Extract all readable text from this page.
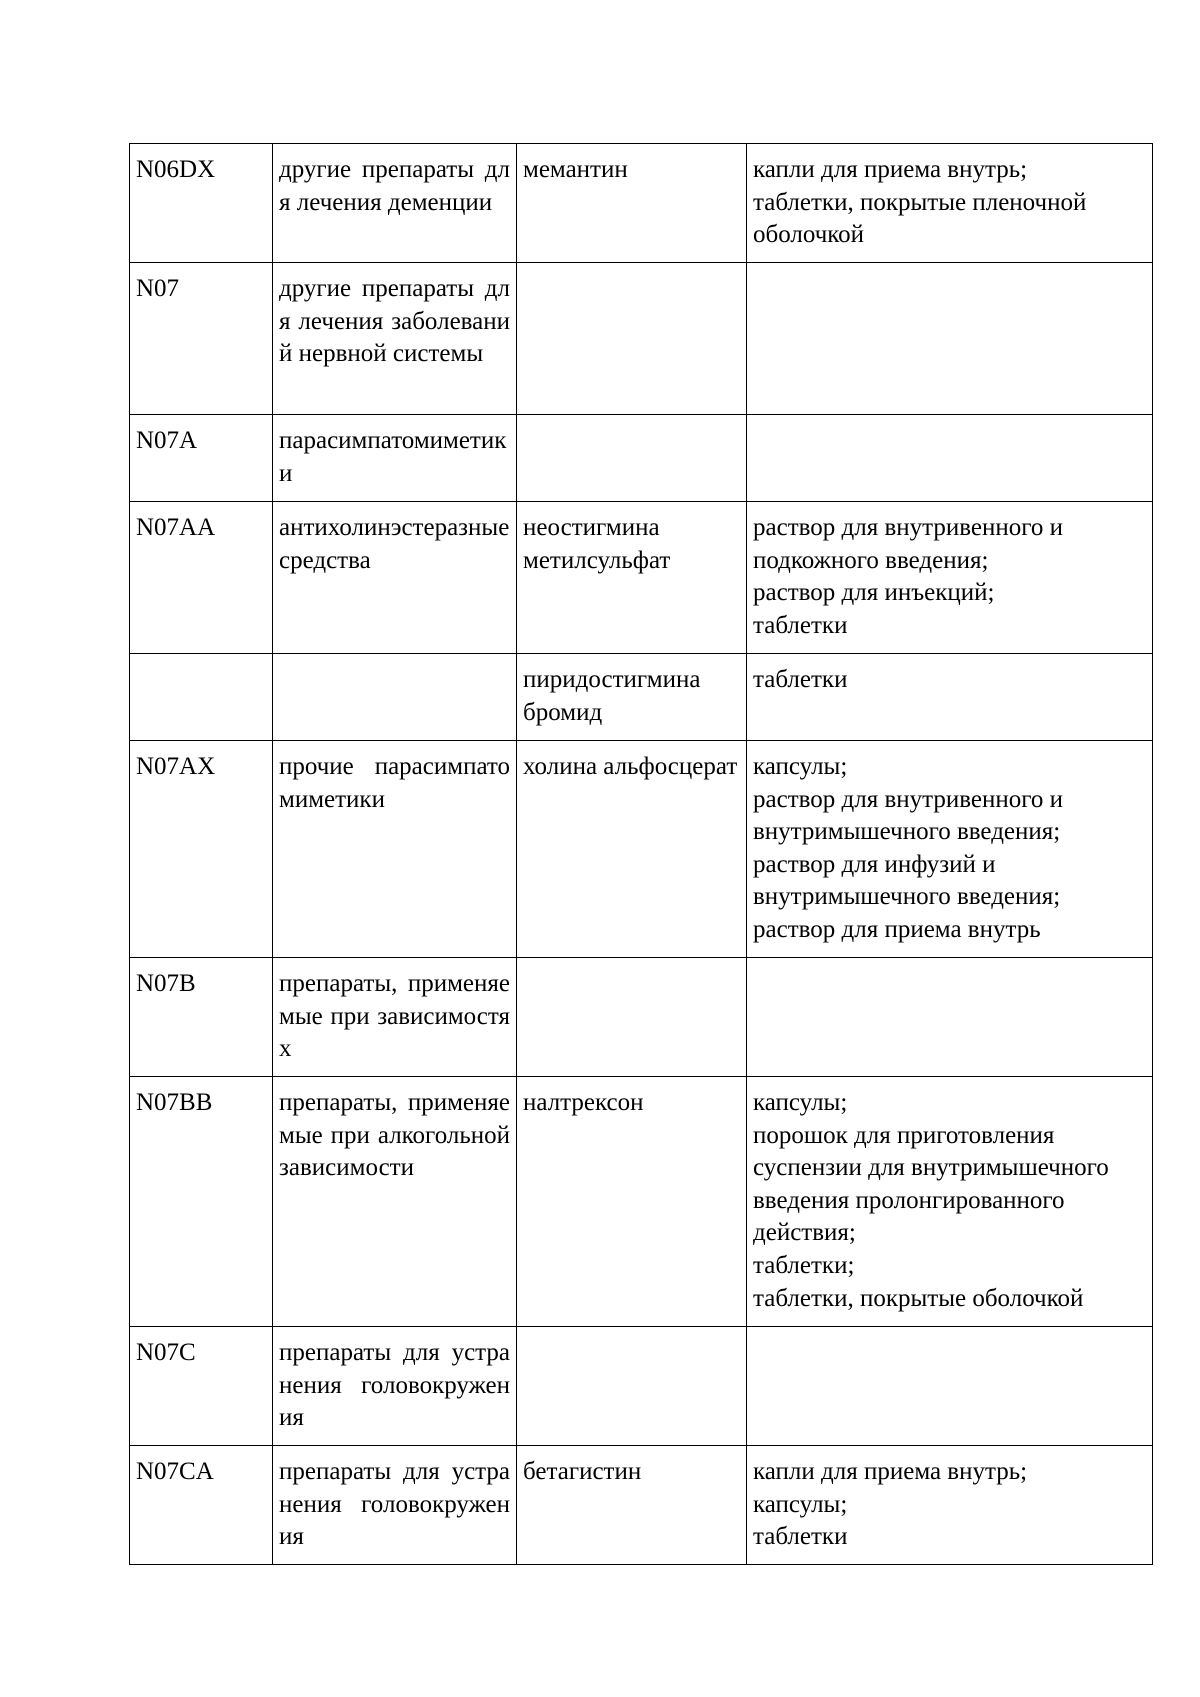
N06DX	другие препараты для лечения деменции	мемантин	капли для приема внутрь;
таблетки, покрытые пленочной оболочкой
N07	другие препараты для лечения заболеваний нервной системы		
N07A	парасимпатомиметики		
N07AA	антихолинэстеразные средства	неостигмина метилсульфат	раствор для внутривенного и подкожного введения;
раствор для инъекций;
таблетки
		пиридостигмина бромид	таблетки
N07AX	прочие парасимпатомиметики	холина альфосцерат	капсулы;
раствор для внутривенного и внутримышечного введения;
раствор для инфузий и внутримышечного введения;
раствор для приема внутрь
N07B	препараты, применяемые при зависимостях		
N07BB	препараты, применяемые при алкогольной зависимости	налтрексон	капсулы;
порошок для приготовления суспензии для внутримышечного введения пролонгированного действия;
таблетки;
таблетки, покрытые оболочкой
N07C	препараты для устранения головокружения		
N07CA	препараты для устранения головокружения	бетагистин	капли для приема внутрь;
капсулы;
таблетки
